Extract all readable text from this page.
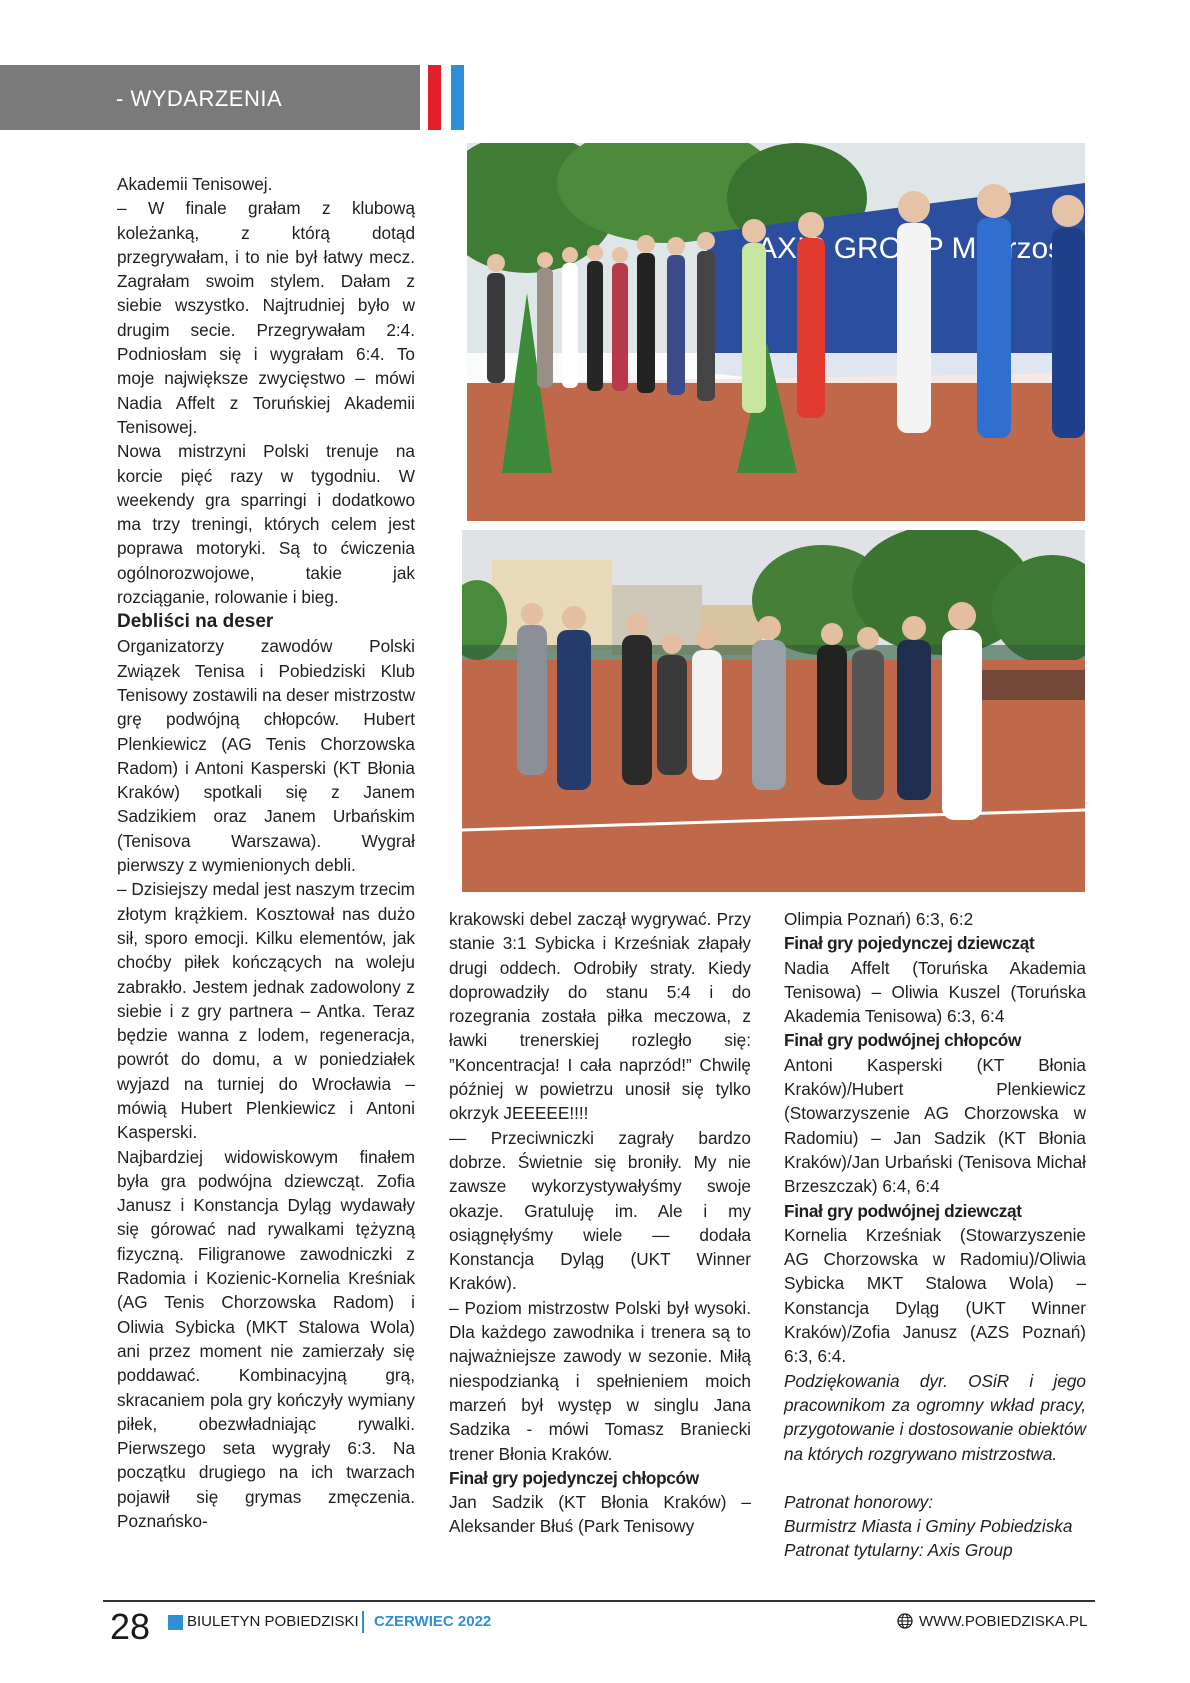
- WYDARZENIA

Akademii Tenisowej.

– W finale grałam z klubową koleżanką, z którą dotąd przegrywałam, i to nie był łatwy mecz. Zagrałam swoim stylem. Dałam z siebie wszystko. Najtrudniej było w drugim secie. Przegrywałam 2:4. Podniosłam się i wygrałam 6:4. To moje największe zwycięstwo – mówi Nadia Affelt z Toruńskiej Akademii Tenisowej.

Nowa mistrzyni Polski trenuje na korcie pięć razy w tygodniu. W weekendy gra sparringi i dodatkowo ma trzy treningi, których celem jest poprawa motoryki. Są to ćwiczenia ogólnorozwojowe, takie jak rozciąganie, rolowanie i bieg.

Debliści na deser

Organizatorzy zawodów Polski Związek Tenisa i Pobiedziski Klub Tenisowy zostawili na deser mistrzostw grę podwójną chłopców. Hubert Plenkiewicz (AG Tenis Chorzowska Radom) i Antoni Kasperski (KT Błonia Kraków) spotkali się z Janem Sadzikiem oraz Janem Urbańskim (Tenisova Warszawa). Wygrał pierwszy z wymienionych debli.

– Dzisiejszy medal jest naszym trzecim złotym krążkiem. Kosztował nas dużo sił, sporo emocji. Kilku elementów, jak choćby piłek kończących na woleju zabrakło. Jestem jednak zadowolony z siebie i z gry partnera – Antka. Teraz będzie wanna z lodem, regeneracja, powrót do domu, a w poniedziałek wyjazd na turniej do Wrocławia – mówią Hubert Plenkiewicz i Antoni Kasperski.

Najbardziej widowiskowym finałem była gra podwójna dziewcząt. Zofia Janusz i Konstancja Dyląg wydawały się górować nad rywalkami tężyzną fizyczną. Filigranowe zawodniczki z Radomia i Kozienic-Kornelia Kreśniak (AG Tenis Chorzowska Radom) i Oliwia Sybicka (MKT Stalowa Wola) ani przez moment nie zamierzały się poddawać. Kombinacyjną grą, skracaniem pola gry kończyły wymiany piłek, obezwładniając rywalki. Pierwszego seta wygrały 6:3. Na początku drugiego na ich twarzach pojawił się grymas zmęczenia. Poznańsko-

AXIS GROUP Mi rzos

krakowski debel zaczął wygrywać. Przy stanie 3:1 Sybicka i Krześniak złapały drugi oddech. Odrobiły straty. Kiedy doprowadziły do stanu 5:4 i do rozegrania została piłka meczowa, z ławki trenerskiej rozległo się: ”Koncentracja! I cała naprzód!” Chwilę później w powietrzu unosił się tylko okrzyk JEEEEE!!!!

— Przeciwniczki zagrały bardzo dobrze. Świetnie się broniły. My nie zawsze wykorzystywałyśmy swoje okazje. Gratuluję im. Ale i my osiągnęłyśmy wiele — dodała Konstancja Dyląg (UKT Winner Kraków).

– Poziom mistrzostw Polski był wysoki. Dla każdego zawodnika i trenera są to najważniejsze zawody w sezonie. Miłą niespodzianką i spełnieniem moich marzeń był występ w singlu Jana Sadzika - mówi Tomasz Braniecki trener Błonia Kraków.

Finał gry pojedynczej chłopców

Jan Sadzik (KT Błonia Kraków) – Aleksander Błuś (Park Tenisowy

Olimpia Poznań) 6:3, 6:2

Finał gry pojedynczej dziewcząt

Nadia Affelt (Toruńska Akademia Tenisowa) – Oliwia Kuszel (Toruńska Akademia Tenisowa) 6:3, 6:4

Finał gry podwójnej chłopców

Antoni Kasperski (KT Błonia Kraków)/Hubert Plenkiewicz (Stowarzyszenie AG Chorzowska w Radomiu) – Jan Sadzik (KT Błonia Kraków)/Jan Urbański (Tenisova Michał Brzeszczak) 6:4, 6:4

Finał gry podwójnej dziewcząt

Kornelia Krześniak (Stowarzyszenie AG Chorzowska w Radomiu)/Oliwia Sybicka MKT Stalowa Wola) – Konstancja Dyląg (UKT Winner Kraków)/Zofia Janusz (AZS Poznań) 6:3, 6:4.

Podziękowania dyr. OSiR i jego pracownikom za ogromny wkład pracy, przygotowanie i dostosowanie obiektów na których rozgrywano mistrzostwa.

Patronat honorowy:

Burmistrz Miasta i Gminy Pobiedziska

Patronat tytularny: Axis Group

28 BIULETYN POBIEDZISKI CZERWIEC 2022	WWW.POBIEDZISKA.PL
